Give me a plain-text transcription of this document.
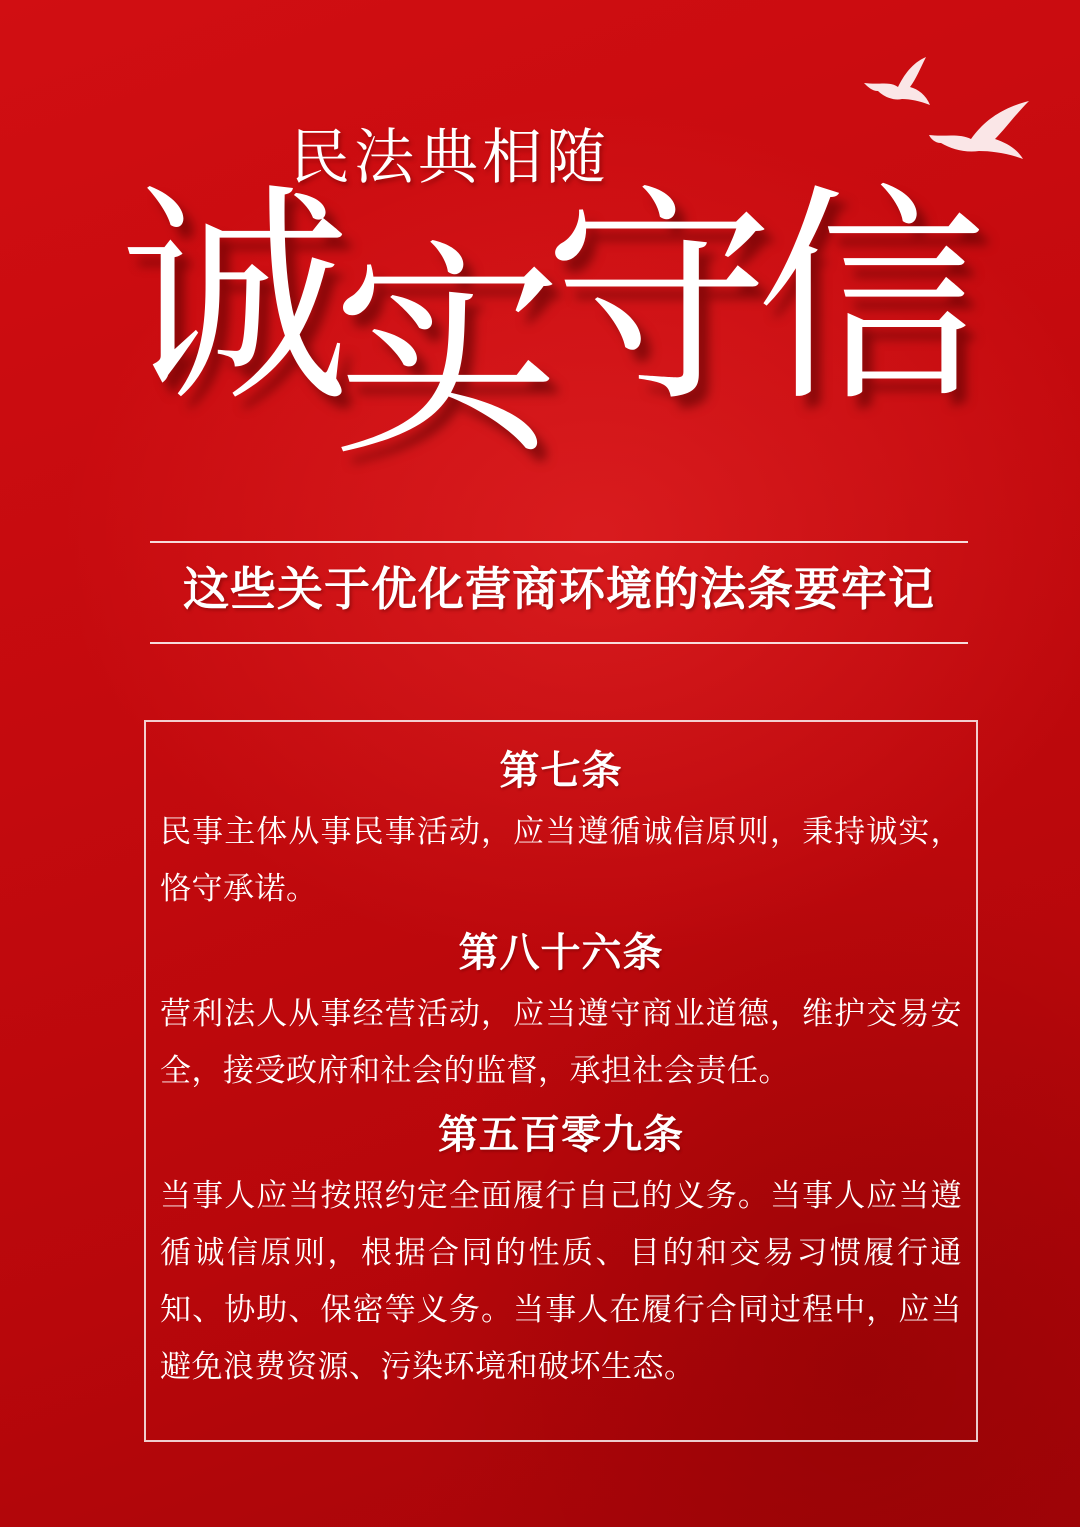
民法典相随
诚实守信
这些关于优化营商环境的法条要牢记
第七条
民事主体从事民事活动，应当遵循诚信原则，秉持诚实，恪守承诺。
第八十六条
营利法人从事经营活动，应当遵守商业道德，维护交易安全，接受政府和社会的监督，承担社会责任。
第五百零九条
当事人应当按照约定全面履行自己的义务。当事人应当遵循诚信原则，根据合同的性质、目的和交易习惯履行通知、协助、保密等义务。当事人在履行合同过程中，应当避免浪费资源、污染环境和破坏生态。
